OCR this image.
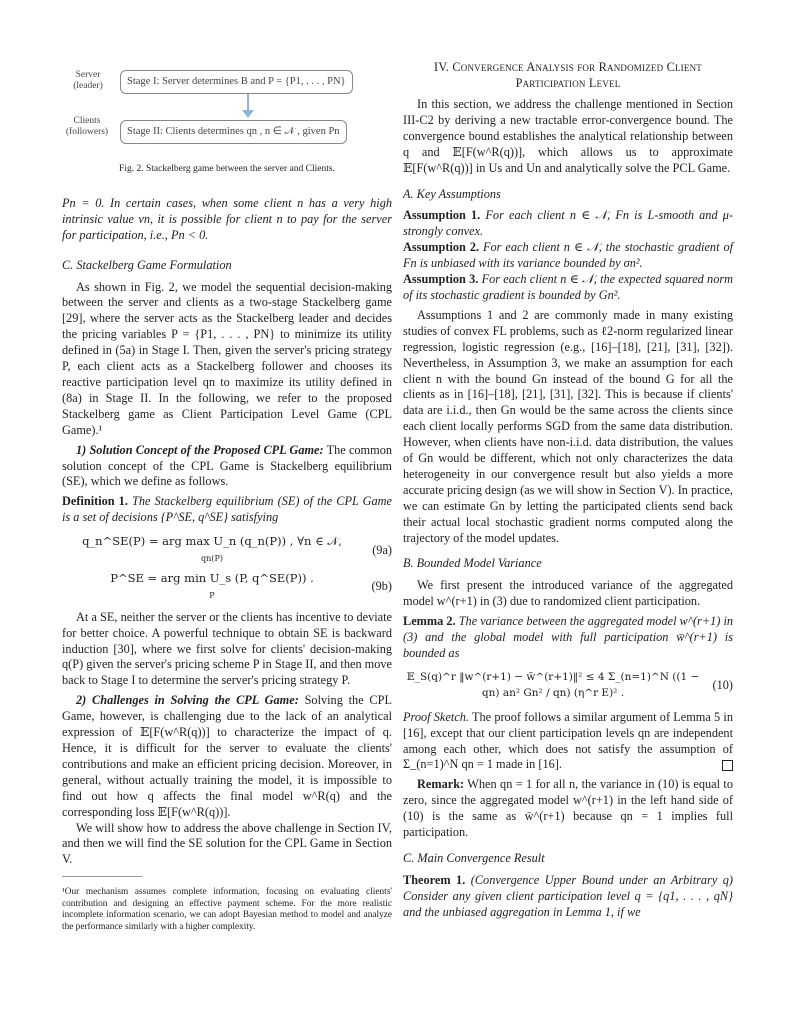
Server
(leader)	Stage I: Server determines B and P = {P1, . . . , PN}
Clients
(followers)	Stage II: Clients determines qn , n ∈ 𝒩 , given Pn
Fig. 2. Stackelberg game between the server and Clients.

Pn = 0. In certain cases, when some client n has a very high intrinsic value vn, it is possible for client n to pay for the server for participation, i.e., Pn < 0.

C. Stackelberg Game Formulation

As shown in Fig. 2, we model the sequential decision-making between the server and clients as a two-stage Stackelberg game [29], where the server acts as the Stackelberg leader and decides the pricing variables P = {P1, . . . , PN} to minimize its utility defined in (5a) in Stage I. Then, given the server's pricing strategy P, each client acts as a Stackelberg follower and chooses its reactive participation level qn to maximize its utility defined in (8a) in Stage II. In the following, we refer to the proposed Stackelberg game as Client Participation Level Game (CPL Game).¹

1) Solution Concept of the Proposed CPL Game: The common solution concept of the CPL Game is Stackelberg equilibrium (SE), which we define as follows.

Definition 1. The Stackelberg equilibrium (SE) of the CPL Game is a set of decisions {P^SE, q^SE} satisfying

q_n^SE(P) = arg max U_n (q_n(P)) , ∀n ∈ 𝒩,
qn(P)
(9a)
P^SE = arg min U_s (P, q^SE(P)) .
P
(9b)

At a SE, neither the server or the clients has incentive to deviate for better choice. A powerful technique to obtain SE is backward induction [30], where we first solve for clients' decision-making q(P) given the server's pricing scheme P in Stage II, and then move back to Stage I to determine the server's pricing strategy P.

2) Challenges in Solving the CPL Game: Solving the CPL Game, however, is challenging due to the lack of an analytical expression of 𝔼[F(w^R(q))] to characterize the impact of q. Hence, it is difficult for the server to evaluate the clients' contributions and make an efficient pricing decision. Moreover, in general, without actually training the model, it is impossible to find out how q affects the final model w^R(q) and the corresponding loss 𝔼[F(w^R(q))].

We will show how to address the above challenge in Section IV, and then we will find the SE solution for the CPL Game in Section V.

¹Our mechanism assumes complete information, focusing on evaluating clients' contribution and designing an effective payment scheme. For the more realistic incomplete information scenario, we can adopt Bayesian method to model and analyze the performance similarly with a higher complexity.
IV. Convergence Analysis for Randomized Client Participation Level

In this section, we address the challenge mentioned in Section III-C2 by deriving a new tractable error-convergence bound. The convergence bound establishes the analytical relationship between q and 𝔼[F(w^R(q))], which allows us to approximate 𝔼[F(w^R(q))] in Us and Un and analytically solve the PCL Game.

A. Key Assumptions

Assumption 1. For each client n ∈ 𝒩, Fn is L-smooth and μ-strongly convex.

Assumption 2. For each client n ∈ 𝒩, the stochastic gradient of Fn is unbiased with its variance bounded by σn².

Assumption 3. For each client n ∈ 𝒩, the expected squared norm of its stochastic gradient is bounded by Gn².

Assumptions 1 and 2 are commonly made in many existing studies of convex FL problems, such as ℓ2-norm regularized linear regression, logistic regression (e.g., [16]–[18], [21], [31], [32]). Nevertheless, in Assumption 3, we make an assumption for each client n with the bound Gn instead of the bound G for all the clients as in [16]–[18], [21], [31], [32]. This is because if clients' data are i.i.d., then Gn would be the same across the clients since each client locally performs SGD from the same data distribution. However, when clients have non-i.i.d. data distribution, the values of Gn would be different, which not only characterizes the data heterogeneity in our convergence result but also yields a more accurate pricing design (as we will show in Section V). In practice, we can estimate Gn by letting the participated clients send back their actual local stochastic gradient norms computed along the trajectory of the model updates.

B. Bounded Model Variance

We first present the introduced variance of the aggregated model w^(r+1) in (3) due to randomized client participation.

Lemma 2. The variance between the aggregated model w^(r+1) in (3) and the global model with full participation w̄^(r+1) is bounded as

𝔼_S(q)^r ‖w^(r+1) − w̄^(r+1)‖² ≤ 4 Σ_(n=1)^N ((1 − qn) an² Gn² / qn) (η^r E)² .
(10)

Proof Sketch. The proof follows a similar argument of Lemma 5 in [16], except that our client participation levels qn are independent among each other, which does not satisfy the assumption of Σ_(n=1)^N qn = 1 made in [16].

Remark: When qn = 1 for all n, the variance in (10) is equal to zero, since the aggregated model w^(r+1) in the left hand side of (10) is the same as w̄^(r+1) because qn = 1 implies full participation.

C. Main Convergence Result

Theorem 1. (Convergence Upper Bound under an Arbitrary q) Consider any given client participation level q = {q1, . . . , qN} and the unbiased aggregation in Lemma 1, if we
